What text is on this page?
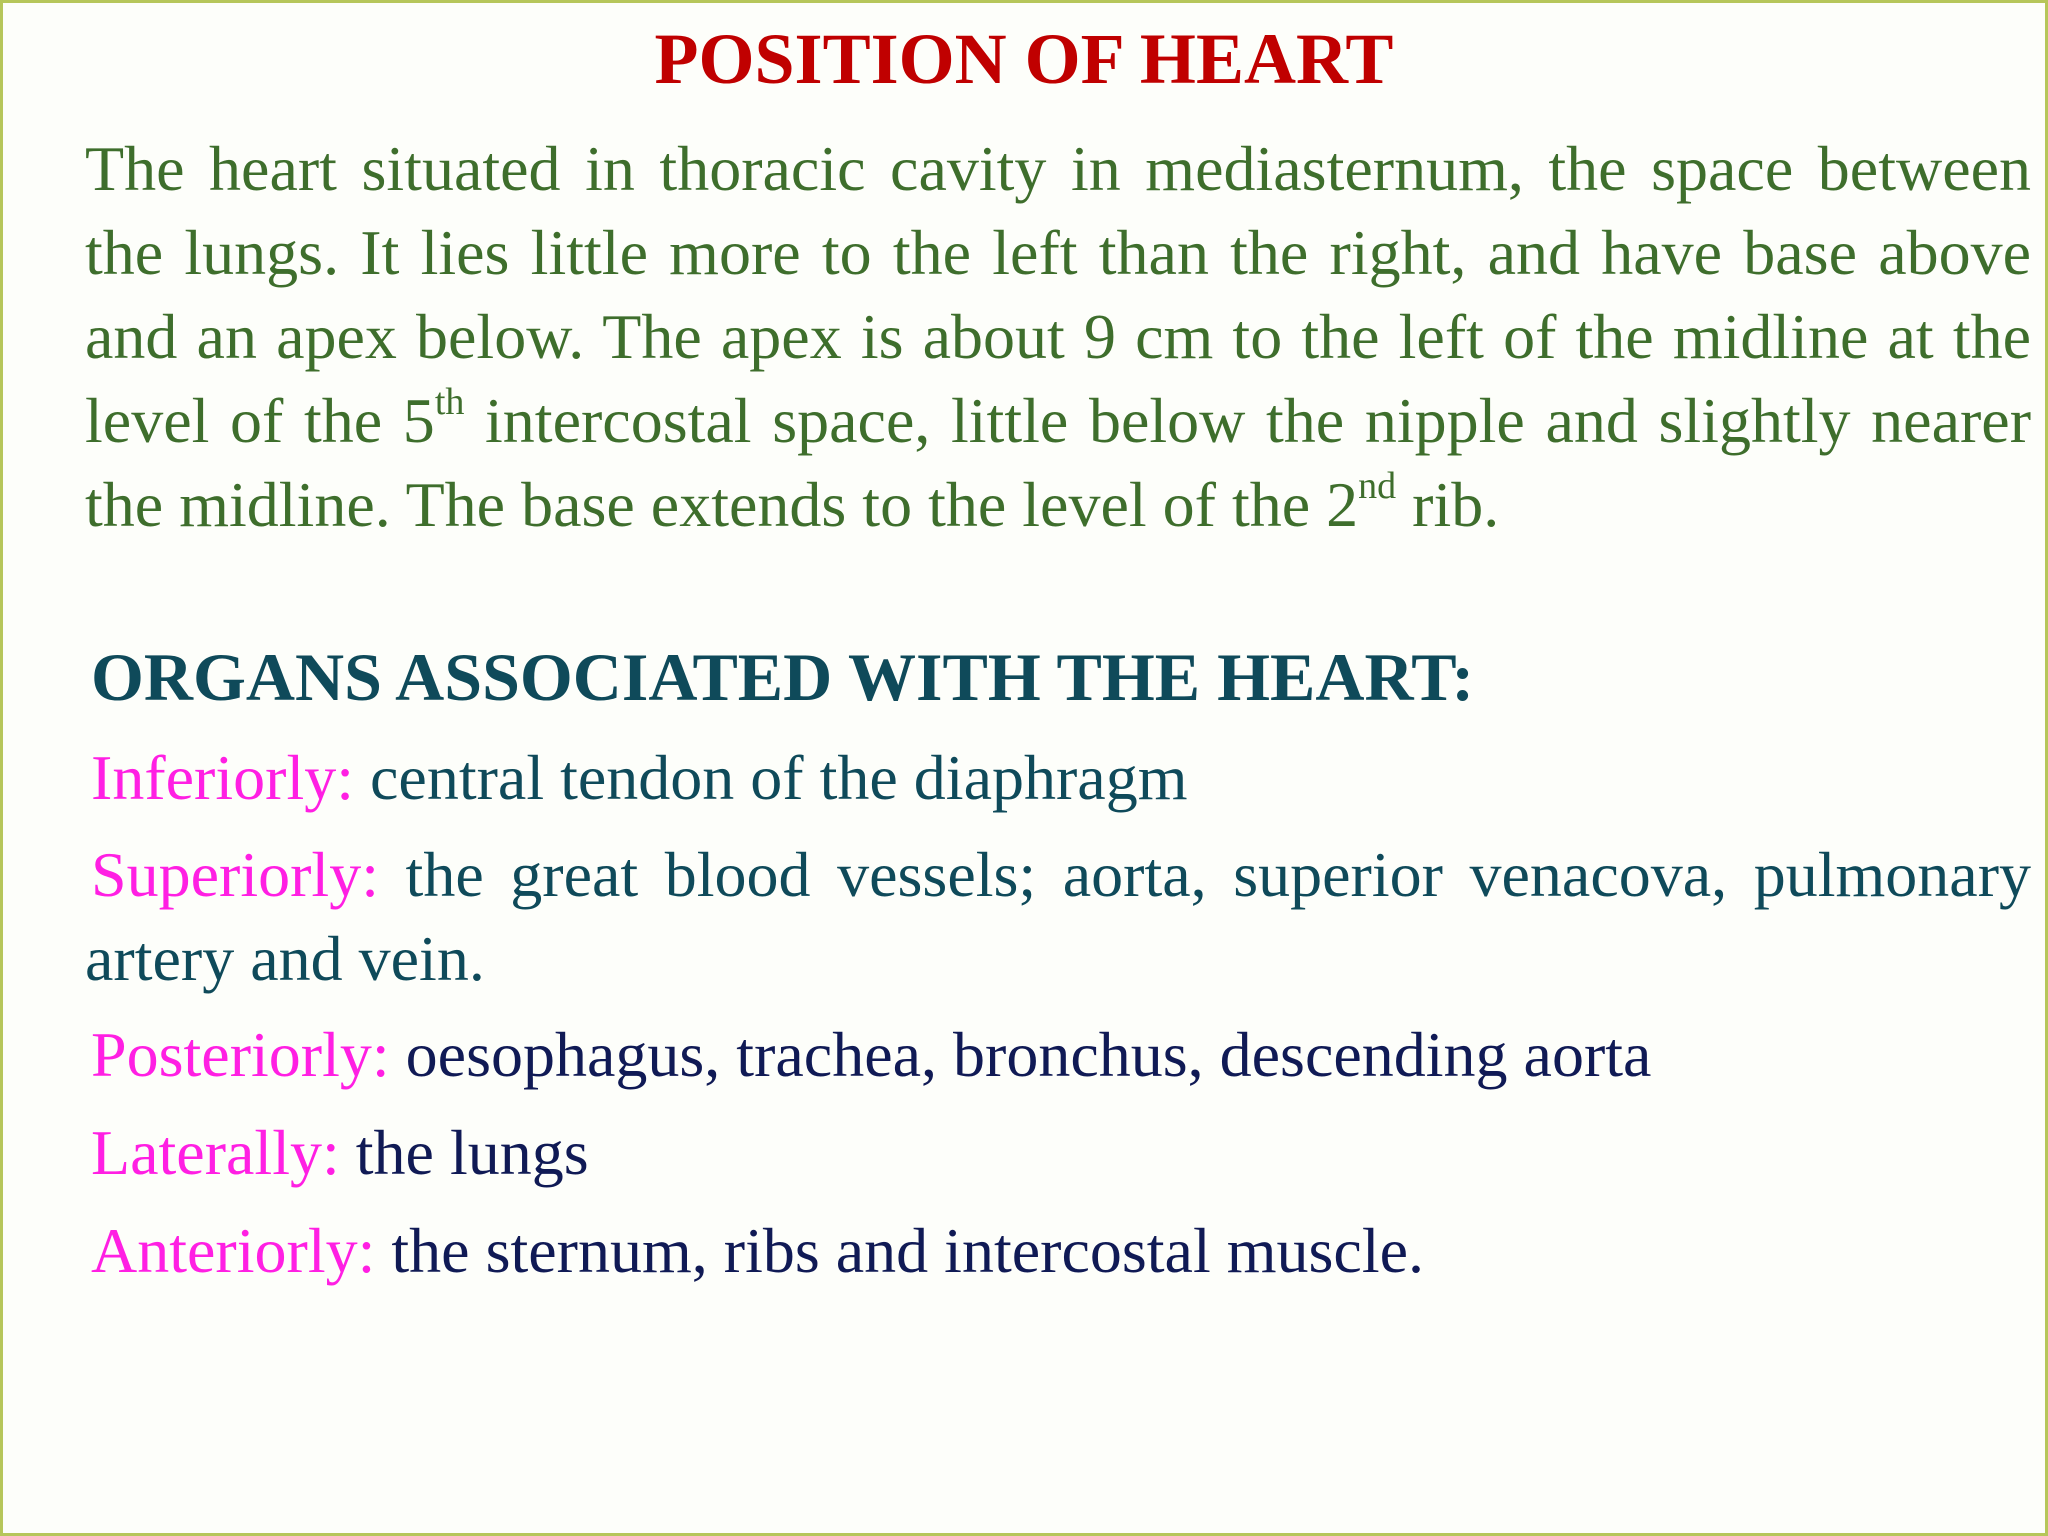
POSITION OF HEART

The heart situated in thoracic cavity in mediasternum, the space between the lungs. It lies little more to the left than the right, and have base above and an apex below. The apex is about 9 cm to the left of the midline at the level of the 5th intercostal space, little below the nipple and slightly nearer the midline. The base extends to the level of the 2nd rib.

ORGANS ASSOCIATED WITH THE HEART:

Inferiorly: central tendon of the diaphragm

Superiorly: the great blood vessels; aorta, superior venacova, pulmonary artery and vein.

Posteriorly: oesophagus, trachea, bronchus, descending aorta

Laterally: the lungs

Anteriorly: the sternum, ribs and intercostal muscle.
